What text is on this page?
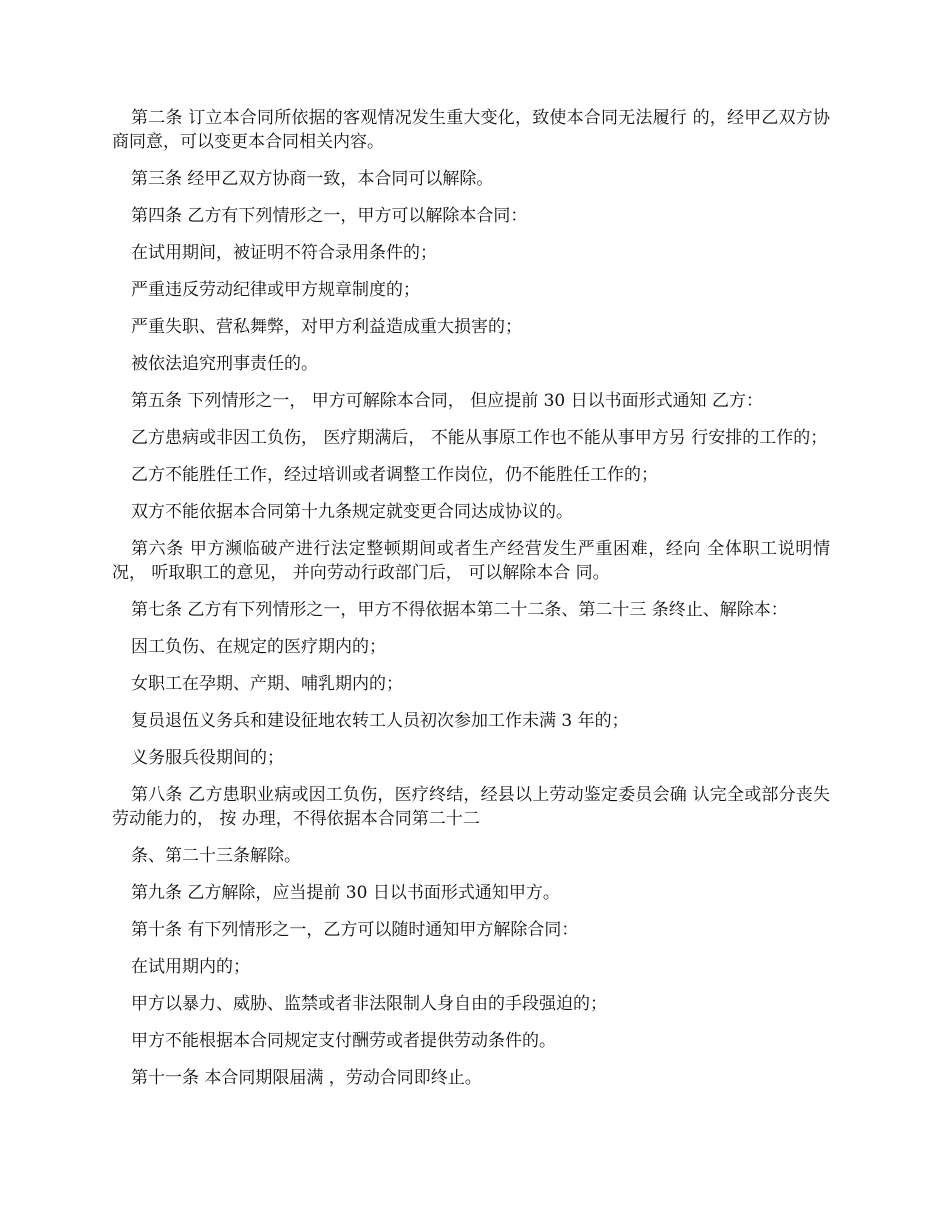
第二条 订立本合同所依据的客观情况发生重大变化，致使本合同无法履行 的，经甲乙双方协商同意，可以变更本合同相关内容。

第三条 经甲乙双方协商一致，本合同可以解除。

第四条 乙方有下列情形之一，甲方可以解除本合同：

在试用期间，被证明不符合录用条件的；

严重违反劳动纪律或甲方规章制度的；

严重失职、营私舞弊，对甲方利益造成重大损害的；

被依法追究刑事责任的。

第五条 下列情形之一， 甲方可解除本合同， 但应提前 30 日以书面形式通知 乙方：

乙方患病或非因工负伤， 医疗期满后， 不能从事原工作也不能从事甲方另 行安排的工作的；

乙方不能胜任工作，经过培训或者调整工作岗位，仍不能胜任工作的；

双方不能依据本合同第十九条规定就变更合同达成协议的。

第六条 甲方濒临破产进行法定整顿期间或者生产经营发生严重困难，经向 全体职工说明情况， 听取职工的意见， 并向劳动行政部门后， 可以解除本合 同。

第七条 乙方有下列情形之一，甲方不得依据本第二十二条、第二十三 条终止、解除本：

因工负伤、在规定的医疗期内的；

女职工在孕期、产期、哺乳期内的；

复员退伍义务兵和建设征地农转工人员初次参加工作未满 3 年的；

义务服兵役期间的；

第八条 乙方患职业病或因工负伤，医疗终结，经县以上劳动鉴定委员会确 认完全或部分丧失劳动能力的， 按 办理，不得依据本合同第二十二

条、第二十三条解除。

第九条 乙方解除，应当提前 30 日以书面形式通知甲方。

第十条 有下列情形之一，乙方可以随时通知甲方解除合同：

在试用期内的；

甲方以暴力、威胁、监禁或者非法限制人身自由的手段强迫的；

甲方不能根据本合同规定支付酬劳或者提供劳动条件的。

第十一条 本合同期限届满 ，劳动合同即终止。
